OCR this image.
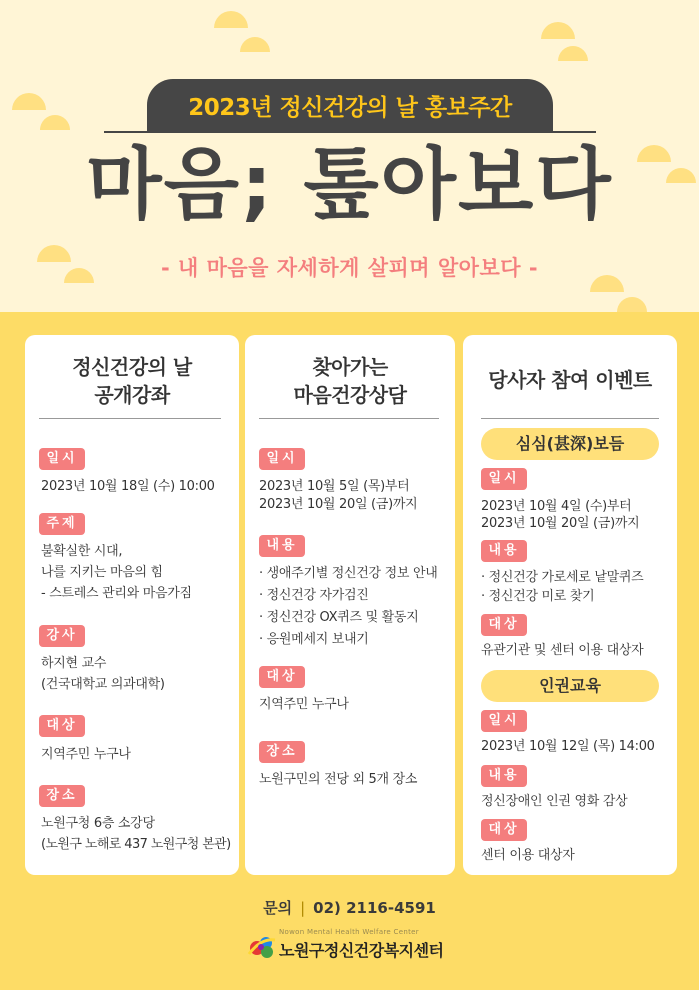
2023년 정신건강의 날 홍보주간
마음; 톺아보다
- 내 마음을 자세하게 살피며 알아보다 -
정신건강의 날
공개강좌
일시
2023년 10월 18일 (수) 10:00
주제
불확실한 시대,
나를 지키는 마음의 힘
- 스트레스 관리와 마음가짐
강사
하지현 교수
(건국대학교 의과대학)
대상
지역주민 누구나
장소
노원구청 6층 소강당
(노원구 노해로 437 노원구청 본관)
찾아가는
마음건강상담
일시
2023년 10월 5일 (목)부터
2023년 10월 20일 (금)까지
내용
· 생애주기별 정신건강 정보 안내
· 정신건강 자가검진
· 정신건강 OX퀴즈 및 활동지
· 응원메세지 보내기
대상
지역주민 누구나
장소
노원구민의 전당 외 5개 장소
당사자 참여 이벤트
심심(甚深)보듬
일시
2023년 10월 4일 (수)부터
2023년 10월 20일 (금)까지
내용
· 정신건강 가로세로 낱말퀴즈
· 정신건강 미로 찾기
대상
유관기관 및 센터 이용 대상자
인권교육
일시
2023년 10월 12일 (목) 14:00
내용
정신장애인 인권 영화 감상
대상
센터 이용 대상자
문의 | 02) 2116-4591
Nowon Mental Health Welfare Center
노원구정신건강복지센터
